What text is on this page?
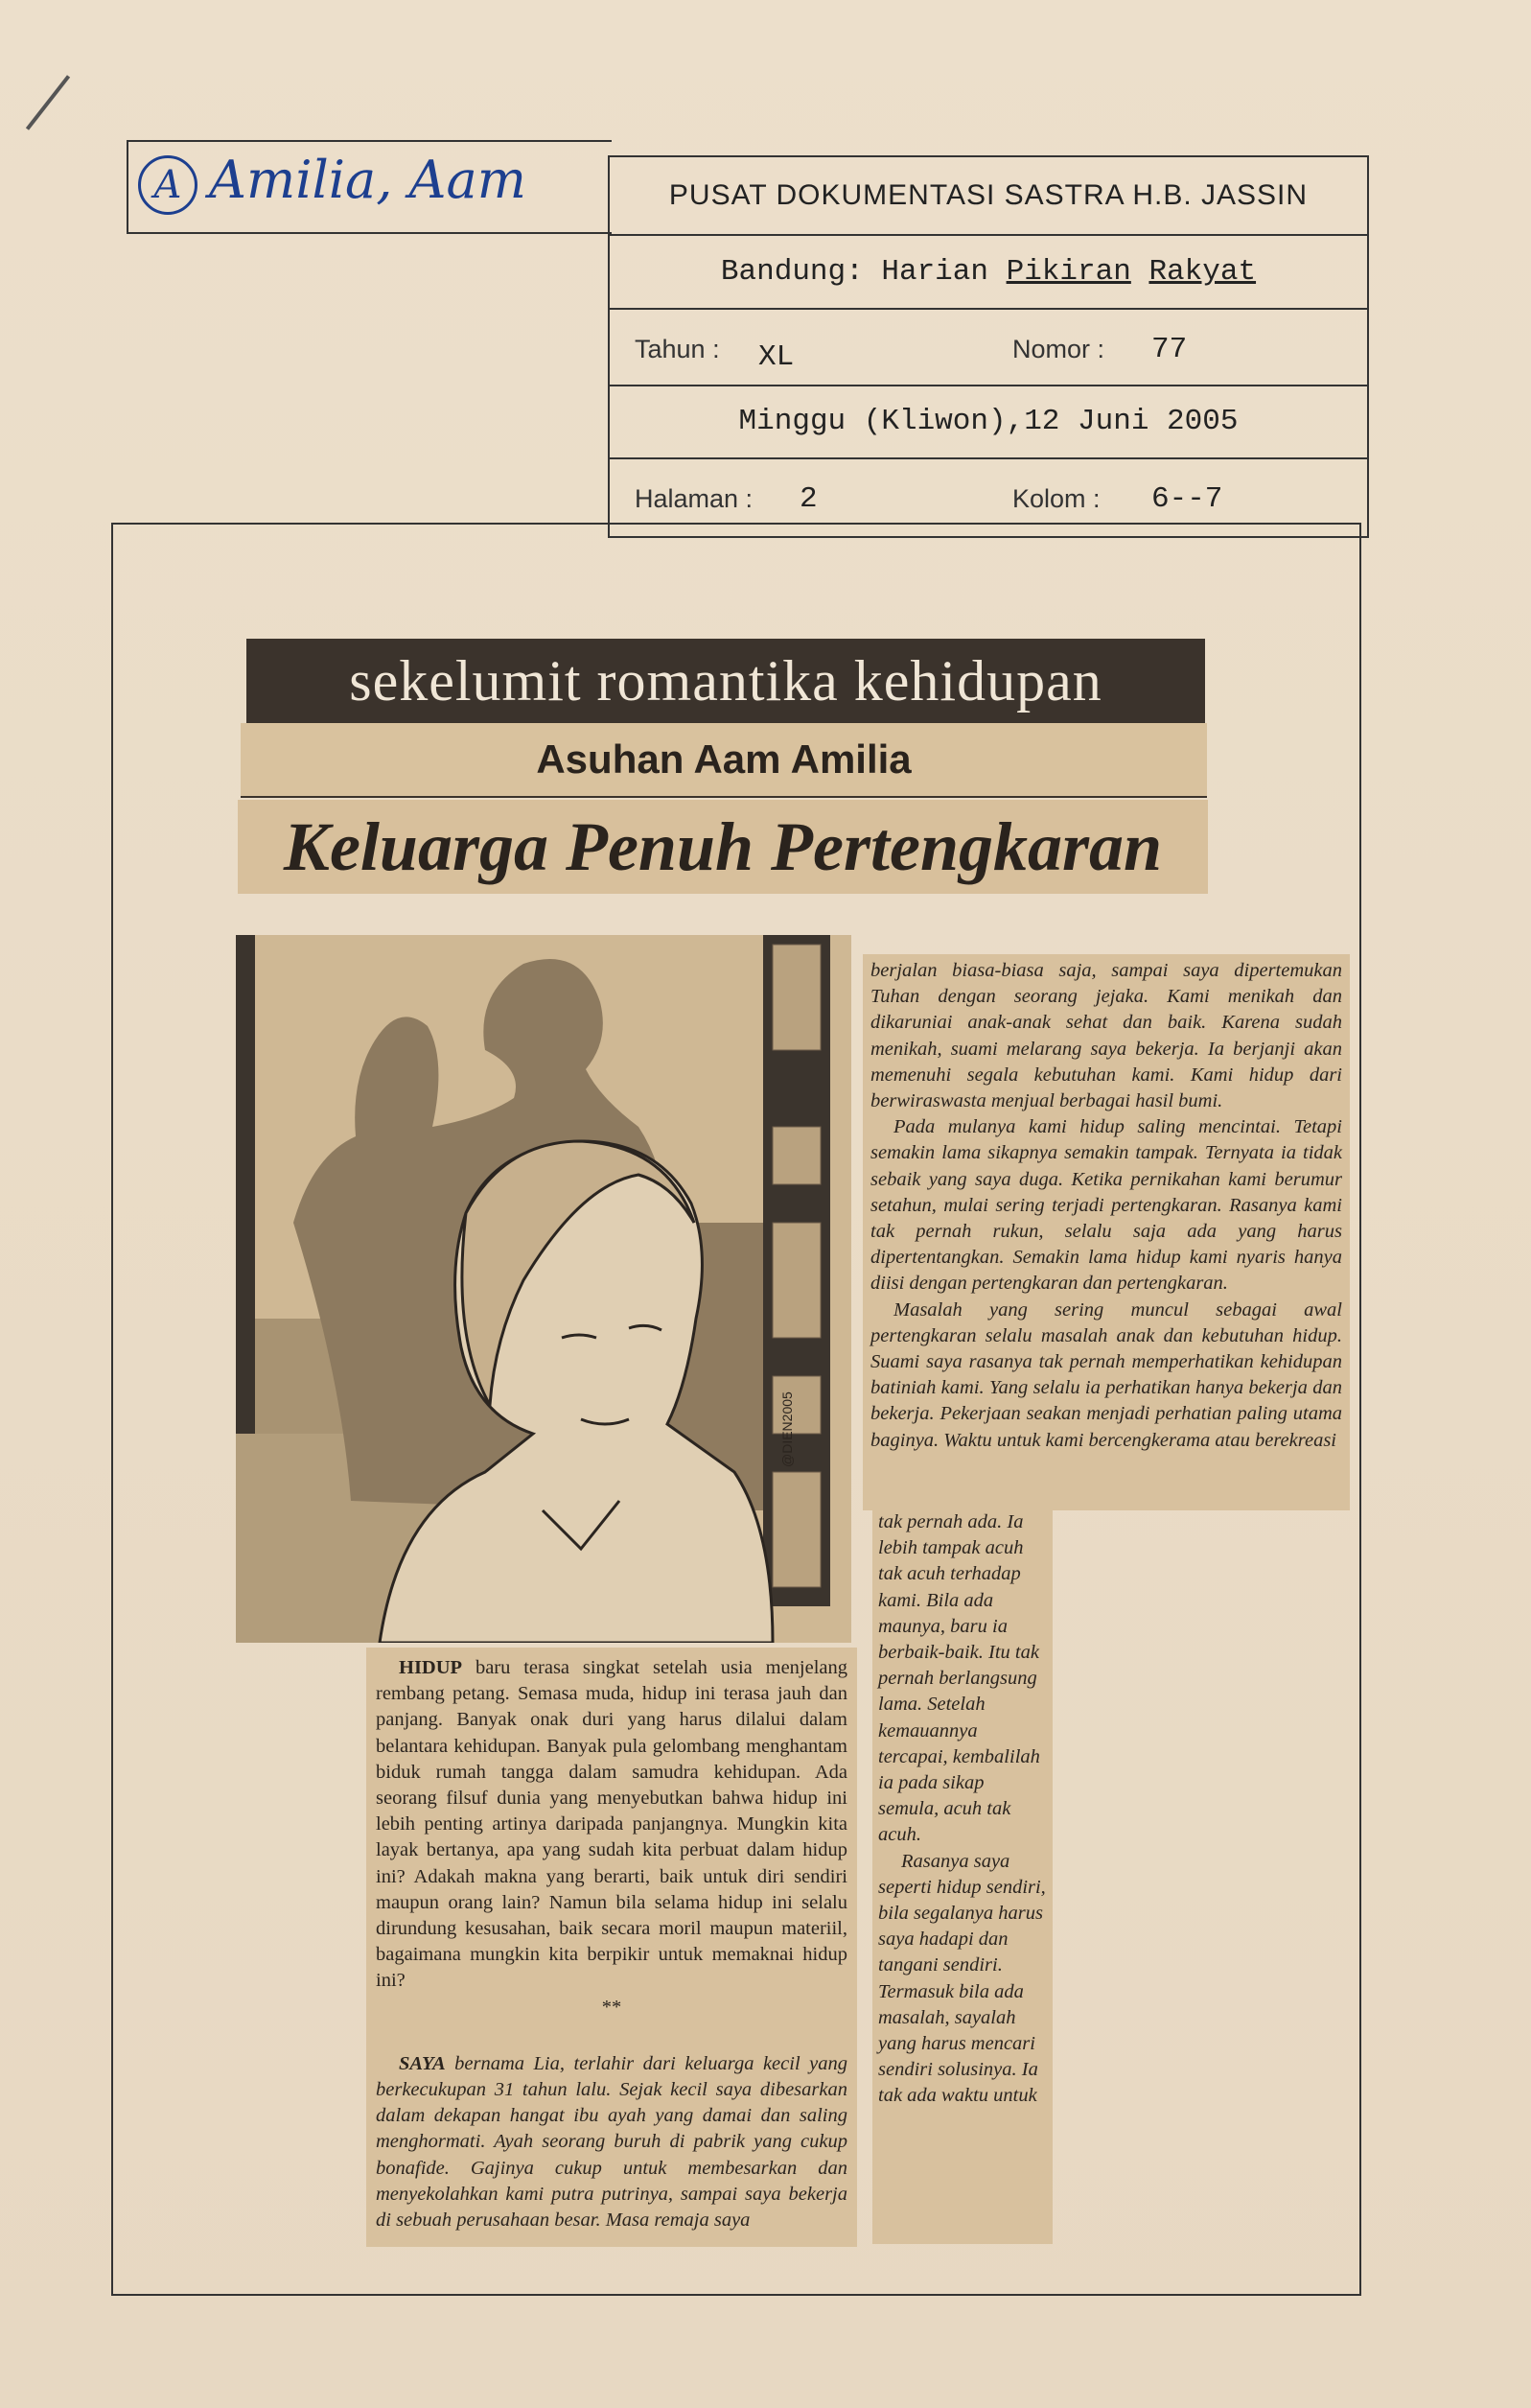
A Amilia, Aam	PUSAT DOKUMENTASI SASTRA H.B. JASSIN
Bandung: Harian Pikiran Rakyat
Tahun : XL	Nomor : 77
Minggu (Kliwon),12 Juni 2005
Halaman : 2	Kolom : 6--7
sekelumit romantika kehidupan
Asuhan Aam Amilia
Keluarga Penuh Pertengkaran
@DIEN2005

berjalan biasa-biasa saja, sampai saya dipertemukan Tuhan dengan seorang jejaka. Kami menikah dan dikaruniai anak-anak sehat dan baik. Karena sudah menikah, suami melarang saya bekerja. Ia berjanji akan memenuhi segala kebutuhan kami. Kami hidup dari berwiraswasta menjual berbagai hasil bumi.

Pada mulanya kami hidup saling mencintai. Tetapi semakin lama sikapnya semakin tampak. Ternyata ia tidak sebaik yang saya duga. Ketika pernikahan kami berumur setahun, mulai sering terjadi pertengkaran. Rasanya kami tak pernah rukun, selalu saja ada yang harus dipertentangkan. Semakin lama hidup kami nyaris hanya diisi dengan pertengkaran dan pertengkaran.

Masalah yang sering muncul sebagai awal pertengkaran selalu masalah anak dan kebutuhan hidup. Suami saya rasanya tak pernah memperhatikan kehidupan batiniah kami. Yang selalu ia perhatikan hanya bekerja dan bekerja. Pekerjaan seakan menjadi perhatian paling utama baginya. Waktu untuk kami bercengkerama atau berekreasi

tak pernah ada. Ia lebih tampak acuh tak acuh terhadap kami. Bila ada maunya, baru ia berbaik-baik. Itu tak pernah berlangsung lama. Setelah kemauannya tercapai, kembalilah ia pada sikap semula, acuh tak acuh.

Rasanya saya seperti hidup sendiri, bila segalanya harus saya hadapi dan tangani sendiri. Termasuk bila ada masalah, sayalah yang harus mencari sendiri solusinya. Ia tak ada waktu untuk

HIDUP baru terasa singkat setelah usia menjelang rembang petang. Semasa muda, hidup ini terasa jauh dan panjang. Banyak onak duri yang harus dilalui dalam belantara kehidupan. Banyak pula gelombang menghantam biduk rumah tangga dalam samudra kehidupan. Ada seorang filsuf dunia yang menyebutkan bahwa hidup ini lebih penting artinya daripada panjangnya. Mungkin kita layak bertanya, apa yang sudah kita perbuat dalam hidup ini? Adakah makna yang berarti, baik untuk diri sendiri maupun orang lain? Namun bila selama hidup ini selalu dirundung kesusahan, baik secara moril maupun materiil, bagaimana mungkin kita berpikir untuk memaknai hidup ini?

**

SAYA bernama Lia, terlahir dari keluarga kecil yang berkecukupan 31 tahun lalu. Sejak kecil saya dibesarkan dalam dekapan hangat ibu ayah yang damai dan saling menghormati. Ayah seorang buruh di pabrik yang cukup bonafide. Gajinya cukup untuk membesarkan dan menyekolahkan kami putra putrinya, sampai saya bekerja di sebuah perusahaan besar. Masa remaja saya
